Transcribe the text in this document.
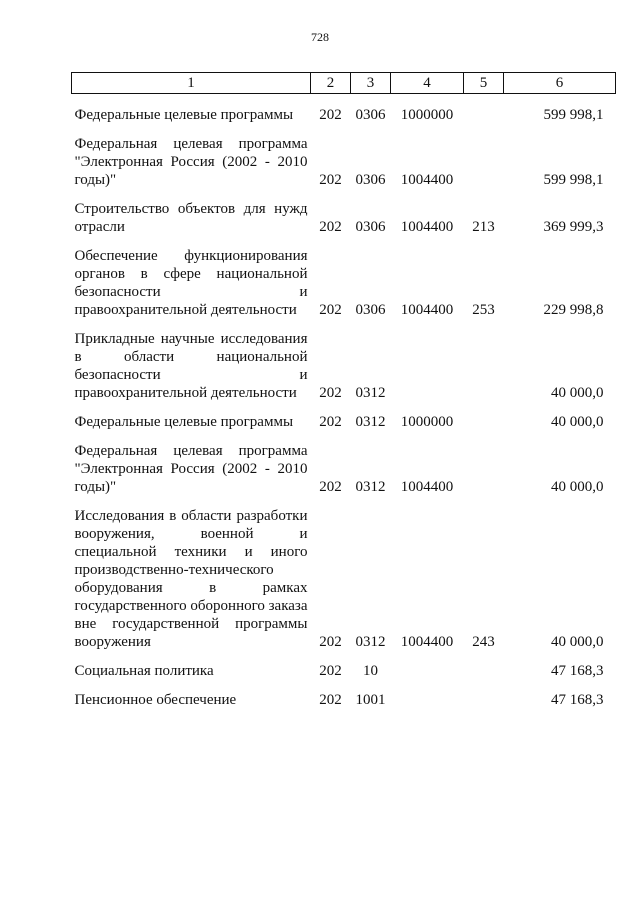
728
1	2	3	4	5	6
Федеральные целевые программы	202	0306	1000000		599 998,1
Федеральная целевая программа "Электронная Россия (2002 - 2010 годы)"	202	0306	1004400		599 998,1
Строительство объектов для нужд отрасли	202	0306	1004400	213	369 999,3
Обеспечение функционирования органов в сфере национальной безопасности и правоохранительной деятельности	202	0306	1004400	253	229 998,8
Прикладные научные исследования в области национальной безопасности и правоохранительной деятельности	202	0312			40 000,0
Федеральные целевые программы	202	0312	1000000		40 000,0
Федеральная целевая программа "Электронная Россия (2002 - 2010 годы)"	202	0312	1004400		40 000,0
Исследования в области разработки вооружения, военной и специальной техники и иного производственно-технического оборудования в рамках государственного оборонного заказа вне государственной программы вооружения	202	0312	1004400	243	40 000,0
Социальная политика	202	10			47 168,3
Пенсионное обеспечение	202	1001			47 168,3
